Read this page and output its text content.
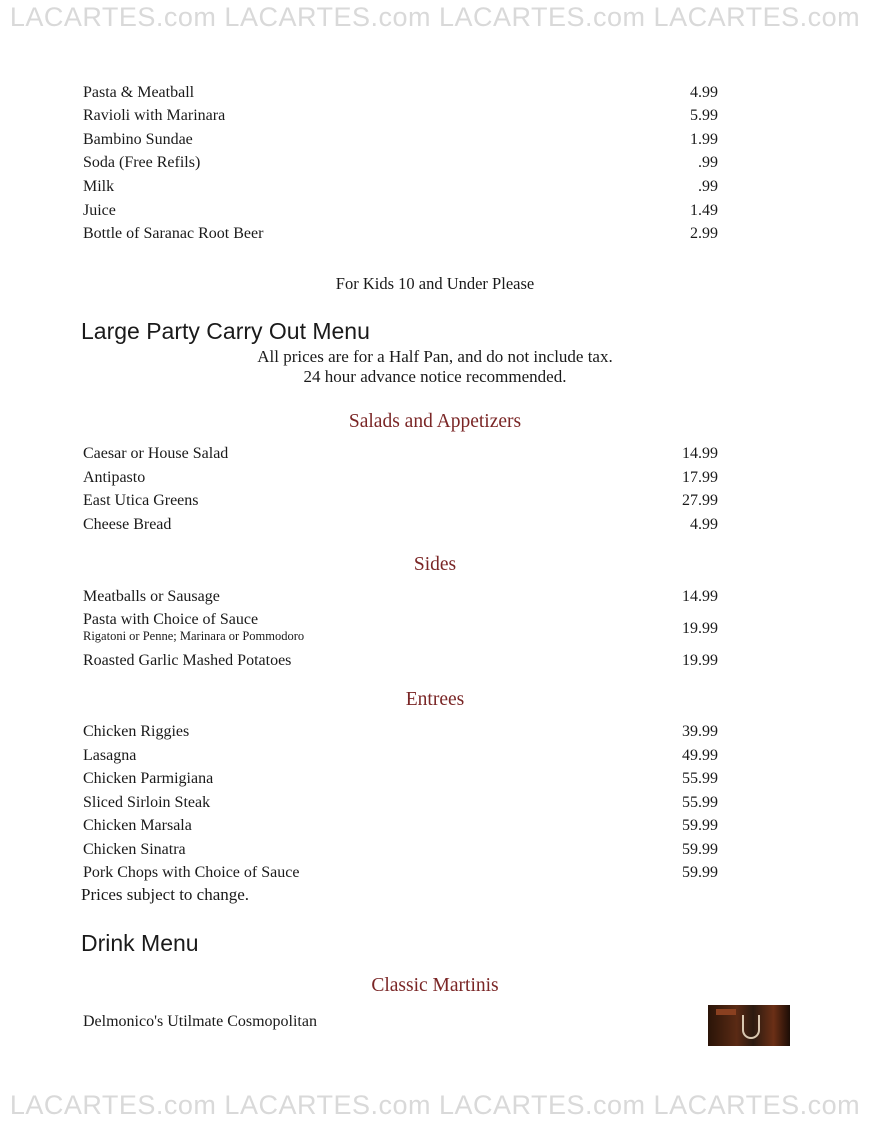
LACARTES.com LACARTES.com LACARTES.com LACARTES.com
Pasta & Meatball	4.99
Ravioli with Marinara	5.99
Bambino Sundae	1.99
Soda (Free Refils)	.99
Milk	.99
Juice	1.49
Bottle of Saranac Root Beer	2.99
For Kids 10 and Under Please
Large Party Carry Out Menu
All prices are for a Half Pan, and do not include tax.
24 hour advance notice recommended.
Salads and Appetizers
Caesar or House Salad	14.99
Antipasto	17.99
East Utica Greens	27.99
Cheese Bread	4.99
Sides
Meatballs or Sausage	14.99
Pasta with Choice of Sauce
Rigatoni or Penne; Marinara or Pommodoro	19.99
Roasted Garlic Mashed Potatoes	19.99
Entrees
Chicken Riggies	39.99
Lasagna	49.99
Chicken Parmigiana	55.99
Sliced Sirloin Steak	55.99
Chicken Marsala	59.99
Chicken Sinatra	59.99
Pork Chops with Choice of Sauce	59.99
Prices subject to change.
Drink Menu
Classic Martinis
Delmonico's Utilmate Cosmopolitan
LACARTES.com LACARTES.com LACARTES.com LACARTES.com
